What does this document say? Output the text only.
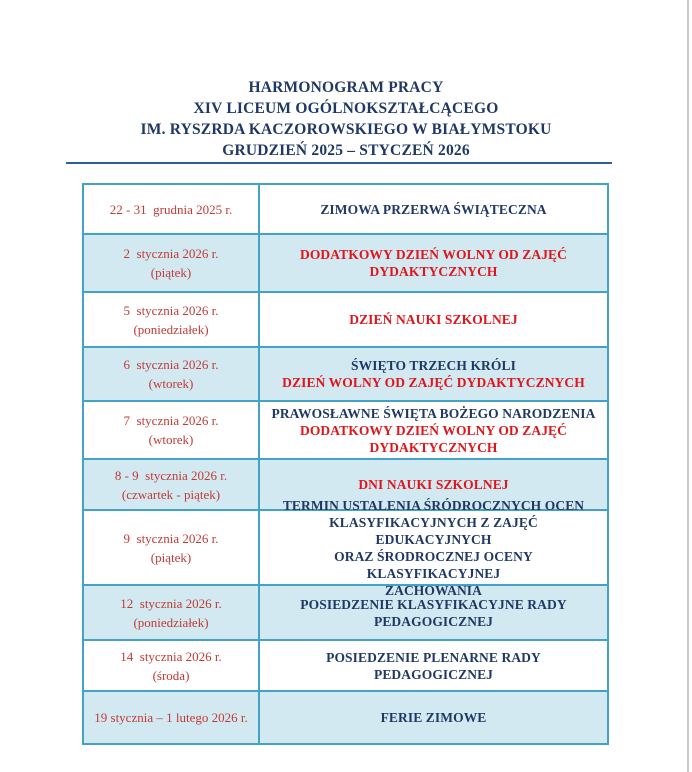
HARMONOGRAM PRACY
XIV LICEUM OGÓLNOKSZTAŁCĄCEGO
IM. RYSZRDA KACZOROWSKIEGO W BIAŁYMSTOKU
GRUDZIEŃ 2025 – STYCZEŃ 2026
22 - 31  grudnia 2025 r.	ZIMOWA PRZERWA ŚWIĄTECZNA
2  stycznia 2026 r.
(piątek)
DODATKOWY DZIEŃ WOLNY OD ZAJĘĆ
DYDAKTYCZNYCH
5  stycznia 2026 r.
(poniedziałek)
DZIEŃ NAUKI SZKOLNEJ
6  stycznia 2026 r.
(wtorek)
ŚWIĘTO TRZECH KRÓLI
DZIEŃ WOLNY OD ZAJĘĆ DYDAKTYCZNYCH
7  stycznia 2026 r.
(wtorek)
PRAWOSŁAWNE ŚWIĘTA BOŻEGO NARODZENIA
DODATKOWY DZIEŃ WOLNY OD ZAJĘĆ
DYDAKTYCZNYCH
8 - 9  stycznia 2026 r.
(czwartek - piątek)
DNI NAUKI SZKOLNEJ
9  stycznia 2026 r.
(piątek)
TERMIN USTALENIA ŚRÓDROCZNYCH OCEN
KLASYFIKACYJNYCH Z ZAJĘĆ EDUKACYJNYCH
ORAZ ŚRODROCZNEJ OCENY KLASYFIKACYJNEJ
ZACHOWANIA
12  stycznia 2026 r.
(poniedziałek)
POSIEDZENIE KLASYFIKACYJNE RADY
PEDAGOGICZNEJ
14  stycznia 2026 r.
(środa)
POSIEDZENIE PLENARNE RADY PEDAGOGICZNEJ
19 stycznia – 1 lutego 2026 r.	FERIE ZIMOWE
